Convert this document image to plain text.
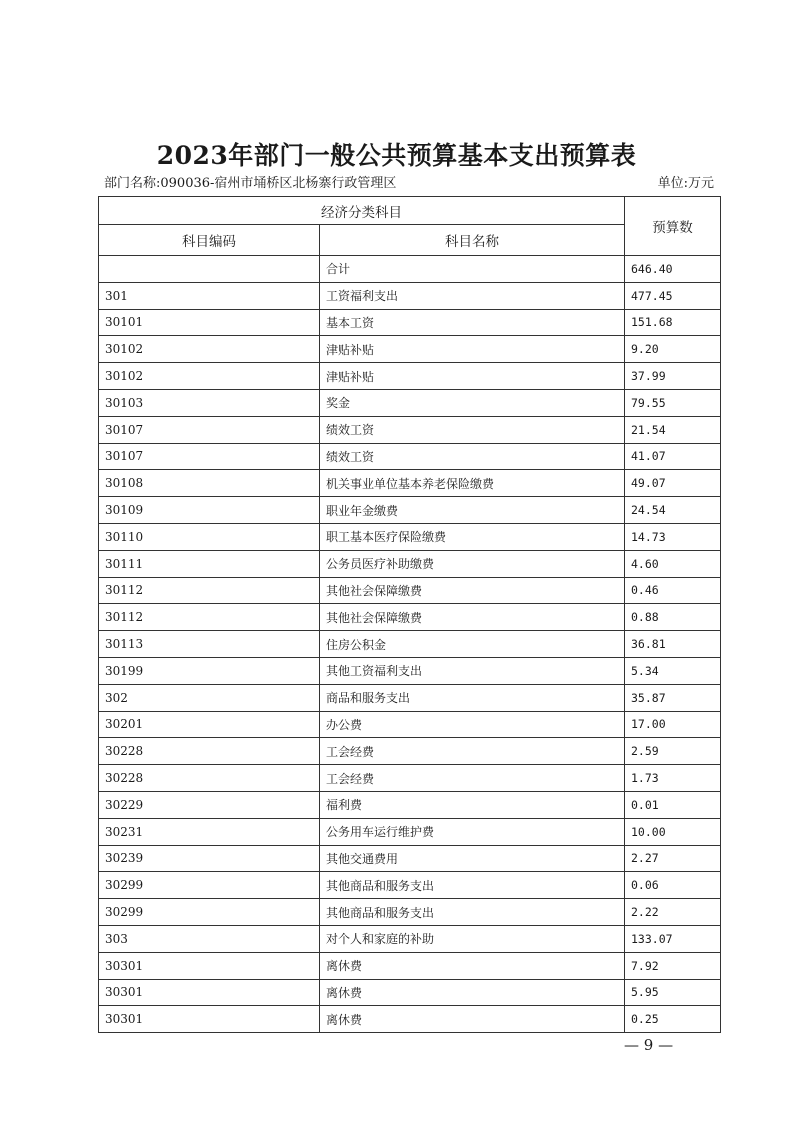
2023年部门一般公共预算基本支出预算表
部门名称:090036-宿州市埇桥区北杨寨行政管理区	单位:万元
经济分类科目		预算数
科目编码	科目名称	
	合计	646.40
301	工资福利支出	477.45
30101	基本工资	151.68
30102	津贴补贴	9.20
30102	津贴补贴	37.99
30103	奖金	79.55
30107	绩效工资	21.54
30107	绩效工资	41.07
30108	机关事业单位基本养老保险缴费	49.07
30109	职业年金缴费	24.54
30110	职工基本医疗保险缴费	14.73
30111	公务员医疗补助缴费	4.60
30112	其他社会保障缴费	0.46
30112	其他社会保障缴费	0.88
30113	住房公积金	36.81
30199	其他工资福利支出	5.34
302	商品和服务支出	35.87
30201	办公费	17.00
30228	工会经费	2.59
30228	工会经费	1.73
30229	福利费	0.01
30231	公务用车运行维护费	10.00
30239	其他交通费用	2.27
30299	其他商品和服务支出	0.06
30299	其他商品和服务支出	2.22
303	对个人和家庭的补助	133.07
30301	离休费	7.92
30301	离休费	5.95
30301	离休费	0.25
— 9 —
